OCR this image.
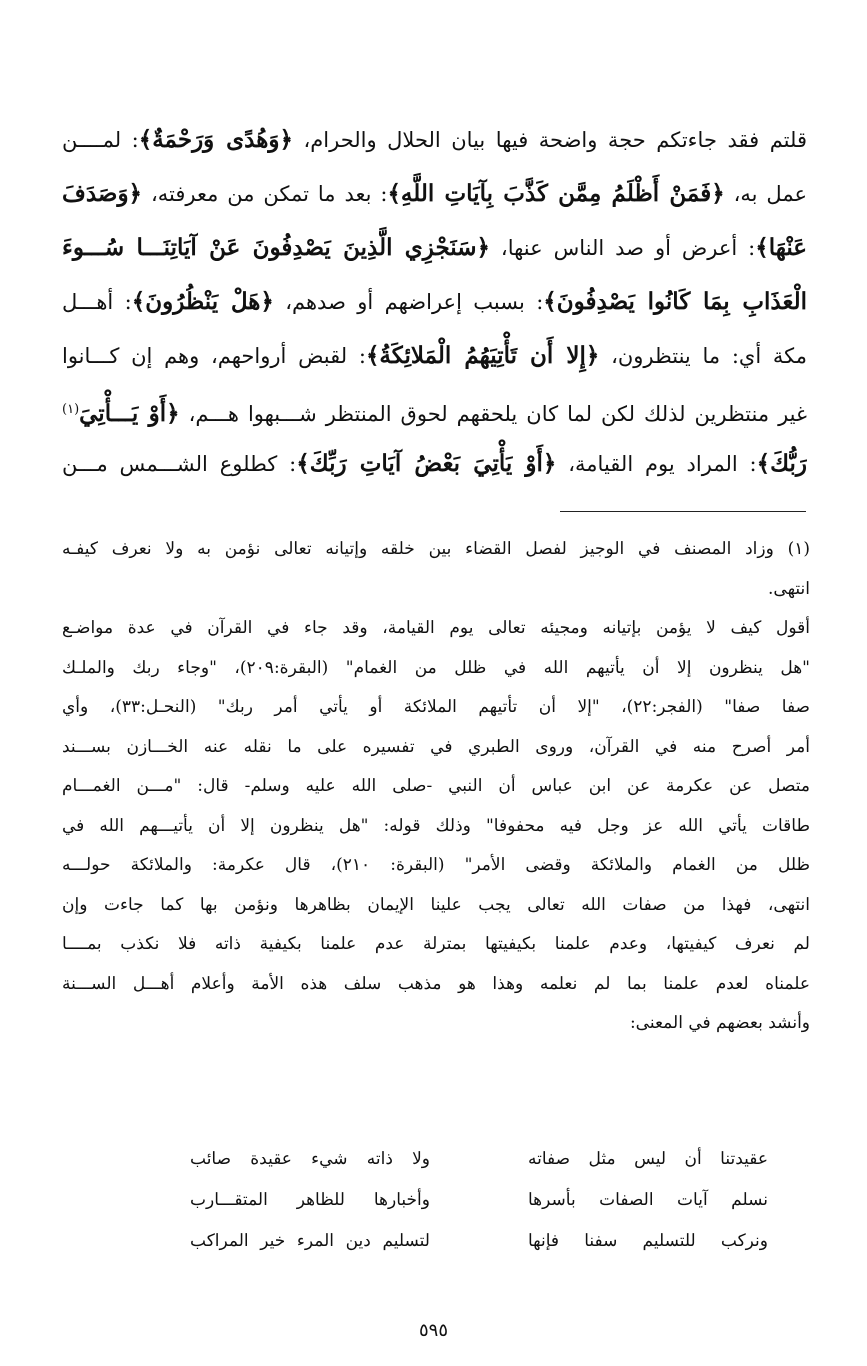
قلتم فقد جاءتكم حجة واضحة فيها بيان الحلال والحرام، ﴿وَهُدًى وَرَحْمَةٌ﴾: لمــــن
عمل به، ﴿فَمَنْ أَظْلَمُ مِمَّن كَذَّبَ بِآيَاتِ اللَّهِ﴾: بعد ما تمكن من معرفته، ﴿وَصَدَفَ
عَنْهَا﴾: أعرض أو صد الناس عنها، ﴿سَنَجْزِي الَّذِينَ يَصْدِفُونَ عَنْ آيَاتِنَـــا سُـــوءَ
الْعَذَابِ بِمَا كَانُوا يَصْدِفُونَ﴾: بسبب إعراضهم أو صدهم، ﴿هَلْ يَنْظُرُونَ﴾: أهـــل
مكة أي: ما ينتظرون، ﴿إِلا أَن تَأْتِيَهُمُ الْمَلائِكَةُ﴾: لقبض أرواحهم، وهم إن كـــانوا
غير منتظرين لذلك لكن لما كان يلحقهم لحوق المنتظر شـــبهوا هـــم، ﴿أَوْ يَـــأْتِيَ$^{(١)}$
رَبُّكَ﴾: المراد يوم القيامة، ﴿أَوْ يَأْتِيَ بَعْضُ آيَاتِ رَبِّكَ﴾: كطلوع الشـــمس مـــن
(١) وزاد المصنف في الوجيز لفصل القضاء بين خلقه وإتيانه تعالى نؤمن به ولا نعرف كيفـه
انتهى.
أقول كيف لا يؤمن بإتيانه ومجيئه تعالى يوم القيامة، وقد جاء في القرآن في عدة مواضـع
"هل ينظرون إلا أن يأتيهم الله في ظلل من الغمام" (البقرة:٢٠٩)، "وجاء ربك والملـك
صفا صفا" (الفجر:٢٢)، "إلا أن تأتيهم الملائكة أو يأتي أمر ربك" (النحـل:٣٣)، وأي
أمر أصرح منه في القرآن، وروى الطبري في تفسيره على ما نقله عنه الخـــازن بســـند
متصل عن عكرمة عن ابن عباس أن النبي -صلى الله عليه وسلم- قال: "مـــن الغمـــام
طاقات يأتي الله عز وجل فيه محفوفا" وذلك قوله: "هل ينظرون إلا أن يأتيـــهم الله في
ظلل من الغمام والملائكة وقضى الأمر" (البقرة: ٢١٠)، قال عكرمة: والملائكة حولـــه
انتهى، فهذا من صفات الله تعالى يجب علينا الإيمان بظاهرها ونؤمن بها كما جاءت وإن
لم نعرف كيفيتها، وعدم علمنا بكيفيتها بمترلة عدم علمنا بكيفية ذاته فلا نكذب بمــــا
علمناه لعدم علمنا بما لم نعلمه وهذا هو مذهب سلف هذه الأمة وأعلام أهـــل الســـنة
وأنشد بعضهم في المعنى:
عقيدتنا أن ليس مثل صفاته
ولا ذاته شيء عقيدة صائب
نسلم آيات الصفات بأسرها
وأخبارها للظاهر المتقـــارب
ونركب للتسليم سفنا فإنها
لتسليم دين المرء خير المراكب
٥٩٥
